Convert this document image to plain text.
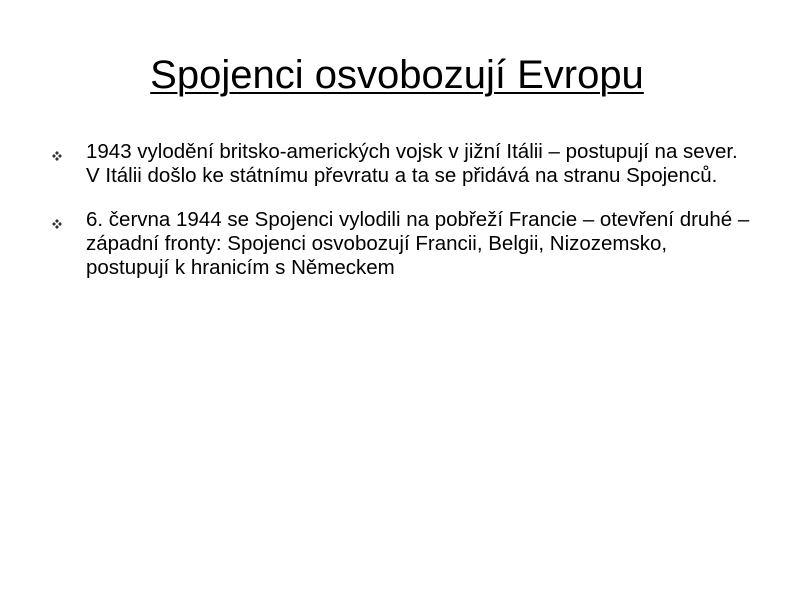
Spojenci osvobozují Evropu
1943 vylodění britsko-amerických vojsk v jižní Itálii – postupují na sever. V Itálii došlo ke státnímu převratu a ta se přidává na stranu Spojenců.
6. června 1944 se Spojenci vylodili na pobřeží Francie – otevření druhé – západní fronty: Spojenci osvobozují Francii, Belgii, Nizozemsko, postupují k hranicím s Německem
